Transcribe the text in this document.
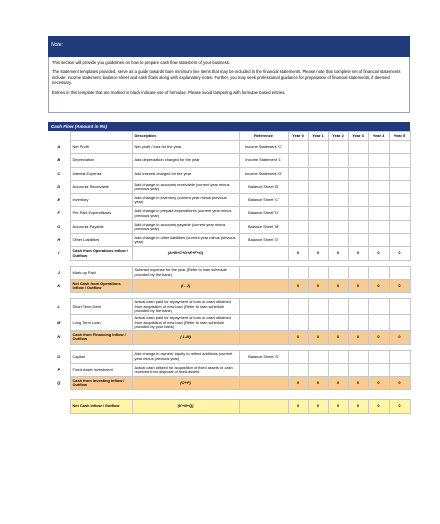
Note:

This section will provide you guidelines on how to prepare cash flow statement of your business.

The statement templates provided, serve as a guide towards bare minimum line items that may be included in the financial statements. Please note that complete set of financial statements include: income statement, balance sheet and cash flows along with explanatory notes. Further, you may seek professional guidance for preparation of financial statements, if deemed necessary.

Entries in this template that are marked in black indicate use of formulae. Please avoid tampering with formulae based entries.

Cash Flow (Amount in Rs)
		Description	Reference	Year 0	Year 1	Year 2	Year 3	Year 4	Year 5
A	Net Profit	Net profit / loss for the year	Income Statement 'C'						
B	Depreciation	Add depreciation charged for the year	Income Statement 'L'						
C	Interest Expense	Add interest charged for the year	Income Statement 'O'						
D	Accounts Receivable	Add change in accounts receivable (current year minus previous year)	Balance Sheet 'B'						
E	Inventory	Add change in inventory (current year minus previous year)	Balance Sheet 'C'						
F	Pre Paid Expenditures	Add change in prepaid expenditures (current year minus previous year)	Balance Sheet 'D'						
G	Accounts Payable	Add change in accounts payable (current year minus previous year)	Balance Sheet 'M'						
H	Other Liabilities	Add change in other liabilities (current year minus previous year)	Balance Sheet 'O'						
I	Cash from Operations Inflow / Outflow	(A+B+C+D+E+F+G)		0	0	0	0	0	0

J	Mark-up Paid	Subtract expense for the year (Refer to loan schedule provided by the bank)							
K	Net Cash from Operations Inflow / Outflow	(I - J)		0	0	0	0	0	0

L	Short Term Debt	Actual cash paid for repayment of loan or cash obtained from acquisition of new loan (Refer to loan schedule provided by the bank)							
M	Long Term Loan	Actual cash paid for repayment of loan or cash obtained from acquisition of new loan (Refer to loan schedule provided by your bank)							
N	Cash from Financing Inflow / Outflow	( L-M)		0	0	0	0	0	0

O	Capital	Add change in owners' equity to reflect additions (current year minus previous year)	Balance Sheet 'S'						
P	Fixed Asset Investment	Actual cash utilized for acquisition of fixed assets or cash received from disposal of fixed assets							
Q	Cash from Investing Inflow / Outflow	(O+P)		0	0	0	0	0	0

	Net Cash Inflow / Outflow	(K+N+Q)		0	0	0	0	0	0
